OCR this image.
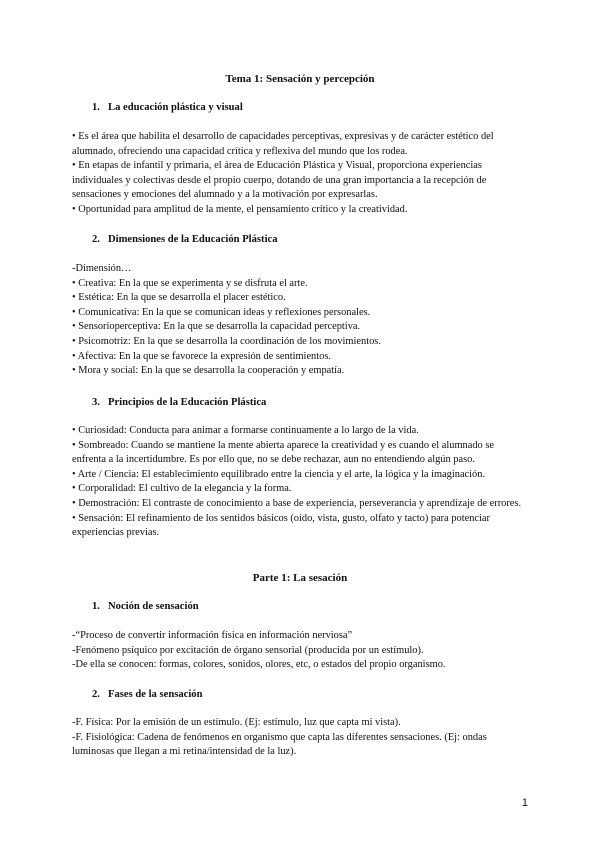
Tema 1: Sensación y percepción
1. La educación plástica y visual
• Es el área que habilita el desarrollo de capacidades perceptivas, expresivas y de carácter estético del alumnado, ofreciendo una capacidad crítica y reflexiva del mundo que los rodea.
• En etapas de infantil y primaria, el área de Educación Plástica y Visual, proporciona experiencias individuales y colectivas desde el propio cuerpo, dotando de una gran importancia a la recepción de sensaciones y emociones del alumnado y a la motivación por expresarlas.
• Oportunidad para amplitud de la mente, el pensamiento crítico y la creatividad.
2. Dimensiones de la Educación Plástica
-Dimensión…
• Creativa: En la que se experimenta y se disfruta el arte.
• Estética: En la que se desarrolla el placer estético.
• Comunicativa: En la que se comunican ideas y reflexiones personales.
• Sensorioperceptiva: En la que se desarrolla la capacidad perceptiva.
• Psicomotriz: En la que se desarrolla la coordinación de los movimientos.
• Afectiva: En la que se favorece la expresión de sentimientos.
• Mora y social: En la que se desarrolla la cooperación y empatía.
3. Principios de la Educación Plástica
• Curiosidad: Conducta para animar a formarse continuamente a lo largo de la vida.
• Sombreado: Cuando se mantiene la mente abierta aparece la creatividad y es cuando el alumnado se enfrenta a la incertidumbre. Es por ello que, no se debe rechazar, aun no entendiendo algún paso.
• Arte / Ciencia: El establecimiento equilibrado entre la ciencia y el arte, la lógica y la imaginación.
• Corporalidad: El cultivo de la elegancia y la forma.
• Demostración: El contraste de conocimiento a base de experiencia, perseverancia y aprendizaje de errores.
• Sensación: El refinamiento de los sentidos básicos (oído, vista, gusto, olfato y tacto) para potenciar experiencias previas.
Parte 1: La sesación
1. Noción de sensación
-“Proceso de convertir información física en información nerviosa”
-Fenómeno psíquico por excitación de órgano sensorial (producida por un estímulo).
-De ella se conocen: formas, colores, sonidos, olores, etc, o estados del propio organismo.
2. Fases de la sensación
-F. Física: Por la emisión de un estímulo. (Ej: estímulo, luz que capta mi vista).
-F. Fisiológica: Cadena de fenómenos en organismo que capta las diferentes sensaciones. (Ej: ondas luminosas que llegan a mi retina/intensidad de la luz).
1
